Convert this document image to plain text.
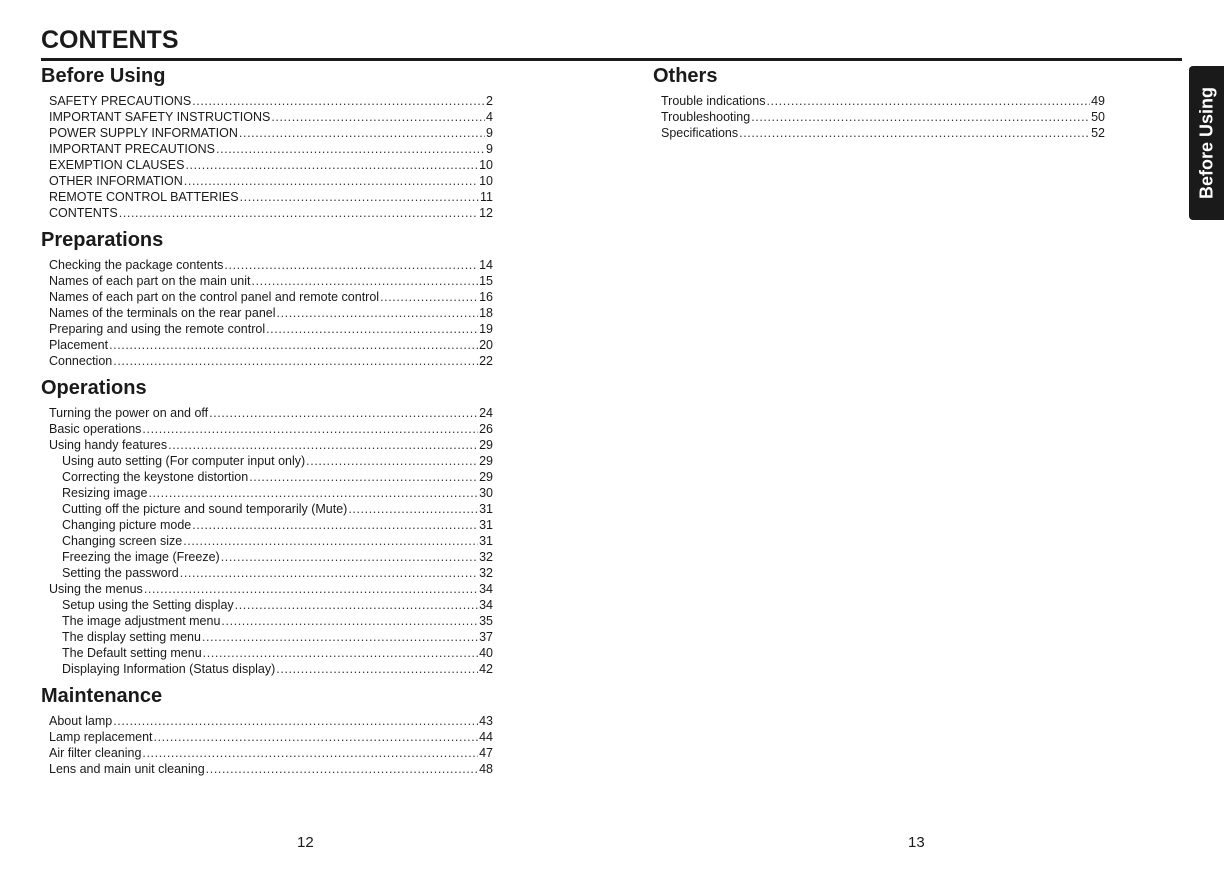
CONTENTS
Before Using
SAFETY PRECAUTIONS .....	2
IMPORTANT SAFETY INSTRUCTIONS .....	4
POWER SUPPLY INFORMATION .....	9
IMPORTANT PRECAUTIONS .....	9
EXEMPTION CLAUSES .....	10
OTHER INFORMATION .....	10
REMOTE CONTROL BATTERIES .....	11
CONTENTS .....	12
Preparations
Checking the package contents .....	14
Names of each part on the main unit .....	15
Names of each part on the control panel and remote control .....	16
Names of the terminals on the rear panel .....	18
Preparing and using the remote control .....	19
Placement .....	20
Connection .....	22
Operations
Turning the power on and off .....	24
Basic operations .....	26
Using handy features .....	29
Using auto setting (For computer input only) .....	29
Correcting the keystone distortion .....	29
Resizing image .....	30
Cutting off the picture and sound temporarily (Mute) .....	31
Changing picture mode .....	31
Changing screen size .....	31
Freezing the image (Freeze) .....	32
Setting the password .....	32
Using the menus .....	34
Setup using the Setting display .....	34
The image adjustment menu .....	35
The display setting menu .....	37
The Default setting menu .....	40
Displaying Information (Status display) .....	42
Maintenance
About lamp .....	43
Lamp replacement .....	44
Air filter cleaning .....	47
Lens and main unit cleaning .....	48
Others
Trouble indications .....	49
Troubleshooting .....	50
Specifications .....	52	Before Using
12	13
